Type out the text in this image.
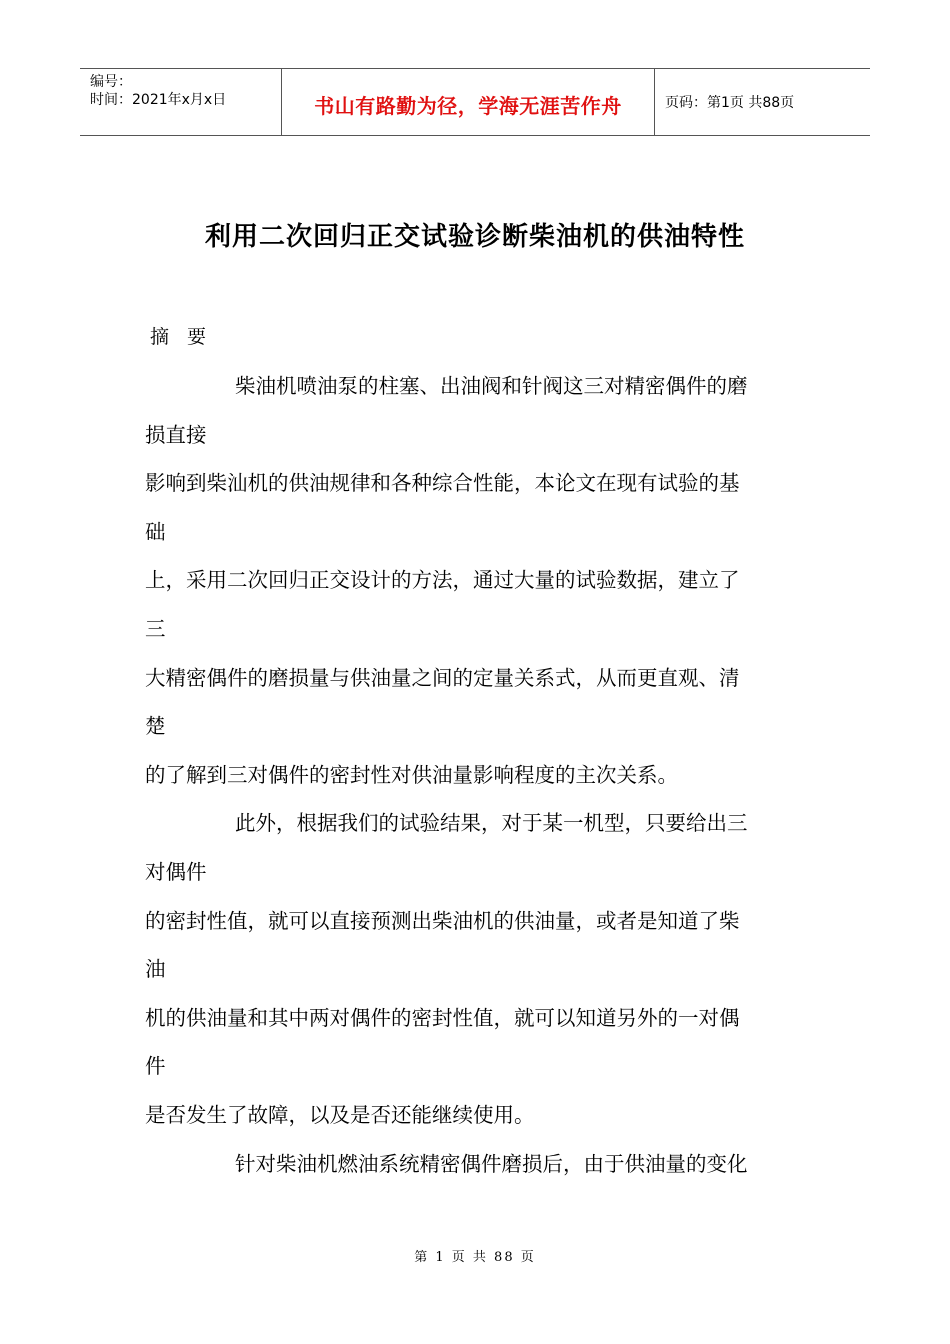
编号：
时间：2021年x月x日	书山有路勤为径，学海无涯苦作舟	页码：第1页 共88页
利用二次回归正交试验诊断柴油机的供油特性
摘 要
柴油机喷油泵的柱塞、出油阀和针阀这三对精密偶件的磨
损直接
影响到柴汕机的供油规律和各种综合性能，本论文在现有试验的基
础
上，采用二次回归正交设计的方法，通过大量的试验数据，建立了
三
大精密偶件的磨损量与供油量之间的定量关系式，从而更直观、清
楚
的了解到三对偶件的密封性对供油量影响程度的主次关系。
此外，根据我们的试验结果，对于某一机型，只要给出三
对偶件
的密封性值，就可以直接预测出柴油机的供油量，或者是知道了柴
油
机的供油量和其中两对偶件的密封性值，就可以知道另外的一对偶
件
是否发生了故障，以及是否还能继续使用。
针对柴油机燃油系统精密偶件磨损后，由于供油量的变化
第 1 页 共 88 页
